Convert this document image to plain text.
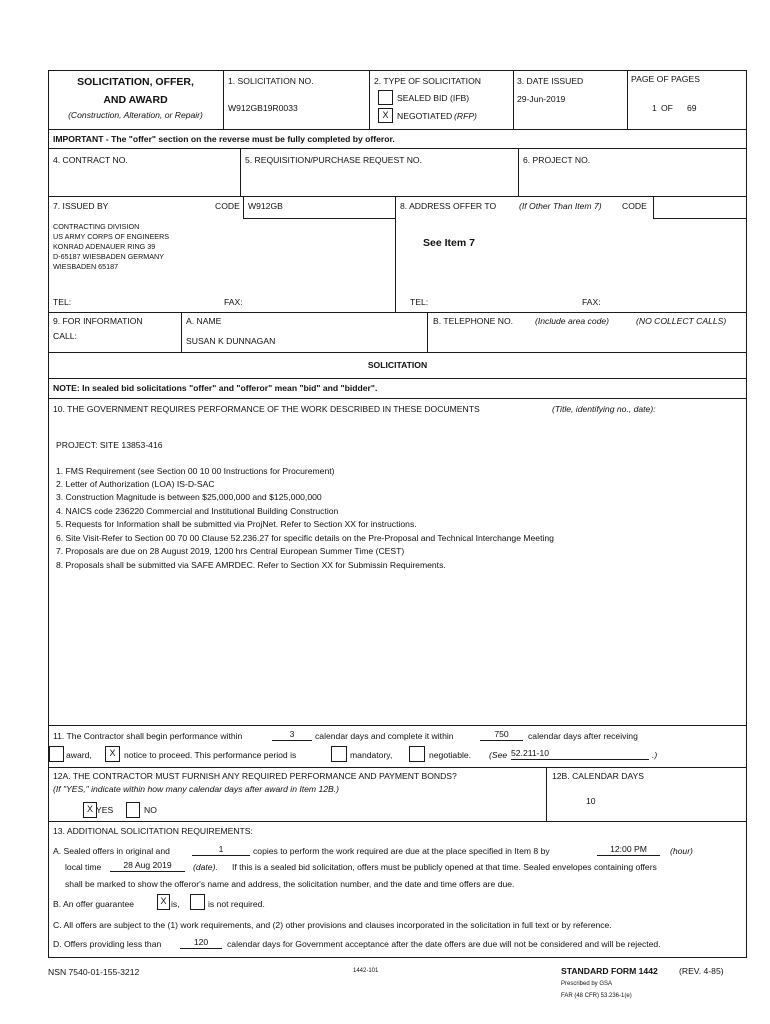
SOLICITATION, OFFER,
AND AWARD
(Construction, Alteration, or Repair)
1. SOLICITATION NO.
W912GB19R0033
2. TYPE OF SOLICITATION
SEALED BID (IFB)
X NEGOTIATED (RFP)
3. DATE ISSUED
29-Jun-2019
PAGE OF PAGES
1 OF 69
IMPORTANT - The "offer" section on the reverse must be fully completed by offeror.
4. CONTRACT NO.	5. REQUISITION/PURCHASE REQUEST NO.	6. PROJECT NO.
7. ISSUED BY	CODE W912GB
CONTRACTING DIVISION
US ARMY CORPS OF ENGINEERS
KONRAD ADENAUER RING 39
D-65187 WIESBADEN GERMANY
WIESBADEN 65187
TEL:	FAX:
8. ADDRESS OFFER TO	(If Other Than Item 7) CODE
See Item 7
TEL:	FAX:
9. FOR INFORMATION
CALL:
A. NAME
SUSAN K DUNNAGAN
B. TELEPHONE NO.	(Include area code)	(NO COLLECT CALLS)
SOLICITATION
NOTE: In sealed bid solicitations "offer" and "offeror" mean "bid" and "bidder".
10. THE GOVERNMENT REQUIRES PERFORMANCE OF THE WORK DESCRIBED IN THESE DOCUMENTS	(Title, identifying no., date):
PROJECT: SITE 13853-416
1. FMS Requirement (see Section 00 10 00 Instructions for Procurement)
2. Letter of Authorization (LOA) IS-D-SAC
3. Construction Magnitude is between $25,000,000 and $125,000,000
4. NAICS code 236220 Commercial and Institutional Building Construction
5. Requests for Information shall be submitted via ProjNet. Refer to Section XX for instructions.
6. Site Visit-Refer to Section 00 70 00 Clause 52.236.27 for specific details on the Pre-Proposal and Technical Interchange Meeting
7. Proposals are due on 28 August 2019, 1200 hrs Central European Summer Time (CEST)
8. Proposals shall be submitted via SAFE AMRDEC. Refer to Section XX for Submissin Requirements.
11. The Contractor shall begin performance within	3	calendar days and complete it within	750	calendar days after receiving
award,	X notice to proceed. This performance period is	mandatory,	negotiable. (See 52.211-10	.)
12A. THE CONTRACTOR MUST FURNISH ANY REQUIRED PERFORMANCE AND PAYMENT BONDS?
(If "YES," indicate within how many calendar days after award in Item 12B.)
X YES	NO
12B. CALENDAR DAYS
10
13. ADDITIONAL SOLICITATION REQUIREMENTS:
A. Sealed offers in original and	1	copies to perform the work required are due at the place specified in Item 8 by	12:00 PM	(hour)
local time	28 Aug 2019	(date). If this is a sealed bid solicitation, offers must be publicly opened at that time. Sealed envelopes containing offers
shall be marked to show the offeror's name and address, the solicitation number, and the date and time offers are due.
B. An offer guarantee	X is,	is not required.
C. All offers are subject to the (1) work requirements, and (2) other provisions and clauses incorporated in the solicitation in full text or by reference.
D. Offers providing less than	120	calendar days for Government acceptance after the date offers are due will not be considered and will be rejected.
NSN 7540-01-155-3212	1442-101	STANDARD FORM 1442 (REV. 4-85)
Prescribed by GSA
FAR (48 CFR) 53.236-1(e)
